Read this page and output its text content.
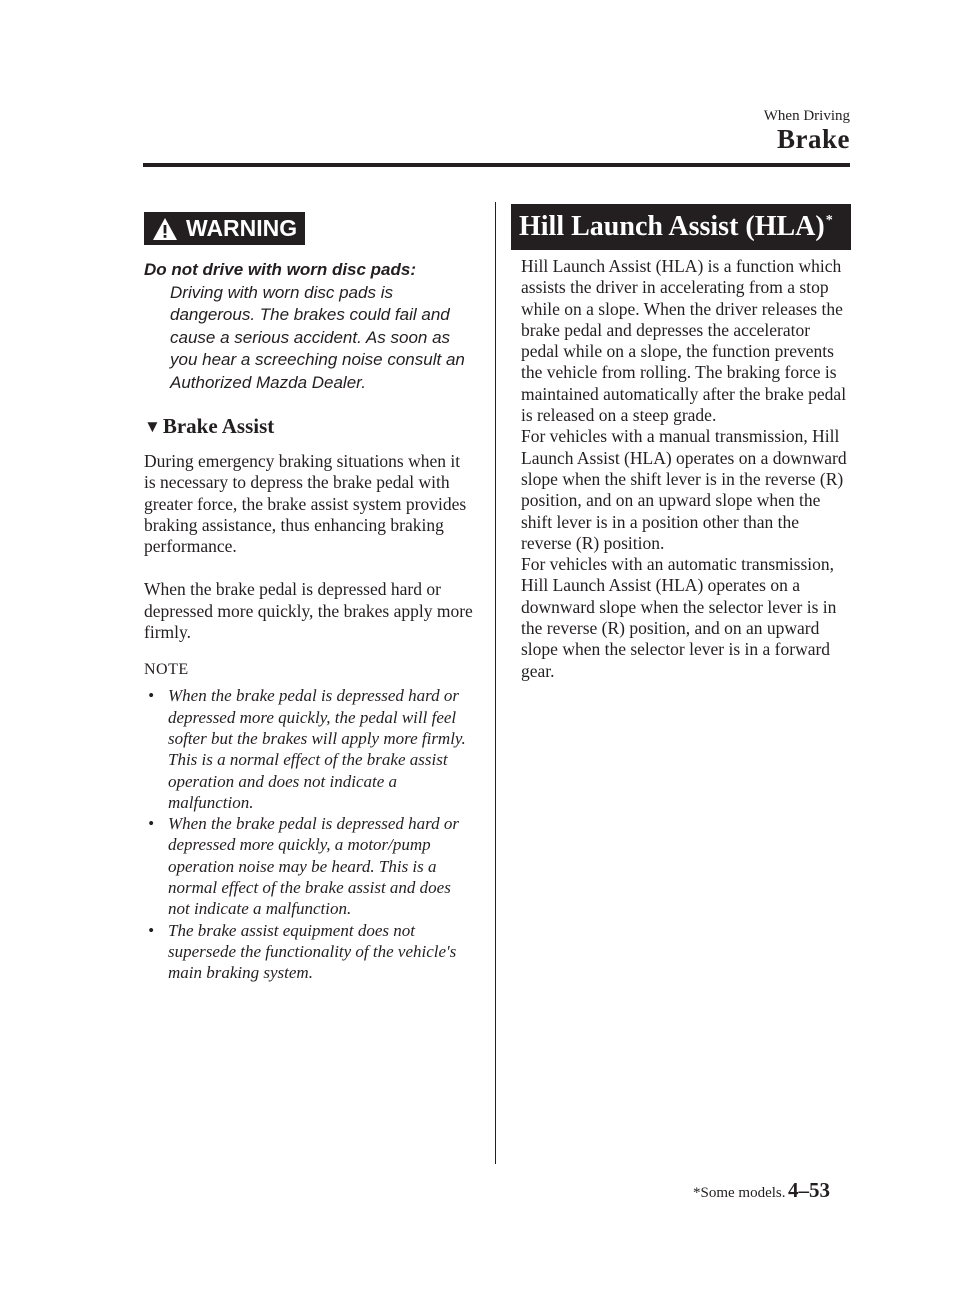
When Driving
Brake
WARNING
Do not drive with worn disc pads:
Driving with worn disc pads is dangerous. The brakes could fail and cause a serious accident. As soon as you hear a screeching noise consult an Authorized Mazda Dealer.
▼ Brake Assist
During emergency braking situations when it is necessary to depress the brake pedal with greater force, the brake assist system provides braking assistance, thus enhancing braking performance.
When the brake pedal is depressed hard or depressed more quickly, the brakes apply more firmly.
NOTE
• When the brake pedal is depressed hard or depressed more quickly, the pedal will feel softer but the brakes will apply more firmly. This is a normal effect of the brake assist operation and does not indicate a malfunction.
• When the brake pedal is depressed hard or depressed more quickly, a motor/pump operation noise may be heard. This is a normal effect of the brake assist and does not indicate a malfunction.
• The brake assist equipment does not supersede the functionality of the vehicle's main braking system.
Hill Launch Assist (HLA)*
Hill Launch Assist (HLA) is a function which assists the driver in accelerating from a stop while on a slope. When the driver releases the brake pedal and depresses the accelerator pedal while on a slope, the function prevents the vehicle from rolling. The braking force is maintained automatically after the brake pedal is released on a steep grade.
For vehicles with a manual transmission, Hill Launch Assist (HLA) operates on a downward slope when the shift lever is in the reverse (R) position, and on an upward slope when the shift lever is in a position other than the reverse (R) position.
For vehicles with an automatic transmission, Hill Launch Assist (HLA) operates on a downward slope when the selector lever is in the reverse (R) position, and on an upward slope when the selector lever is in a forward gear.
*Some models. 4–53
